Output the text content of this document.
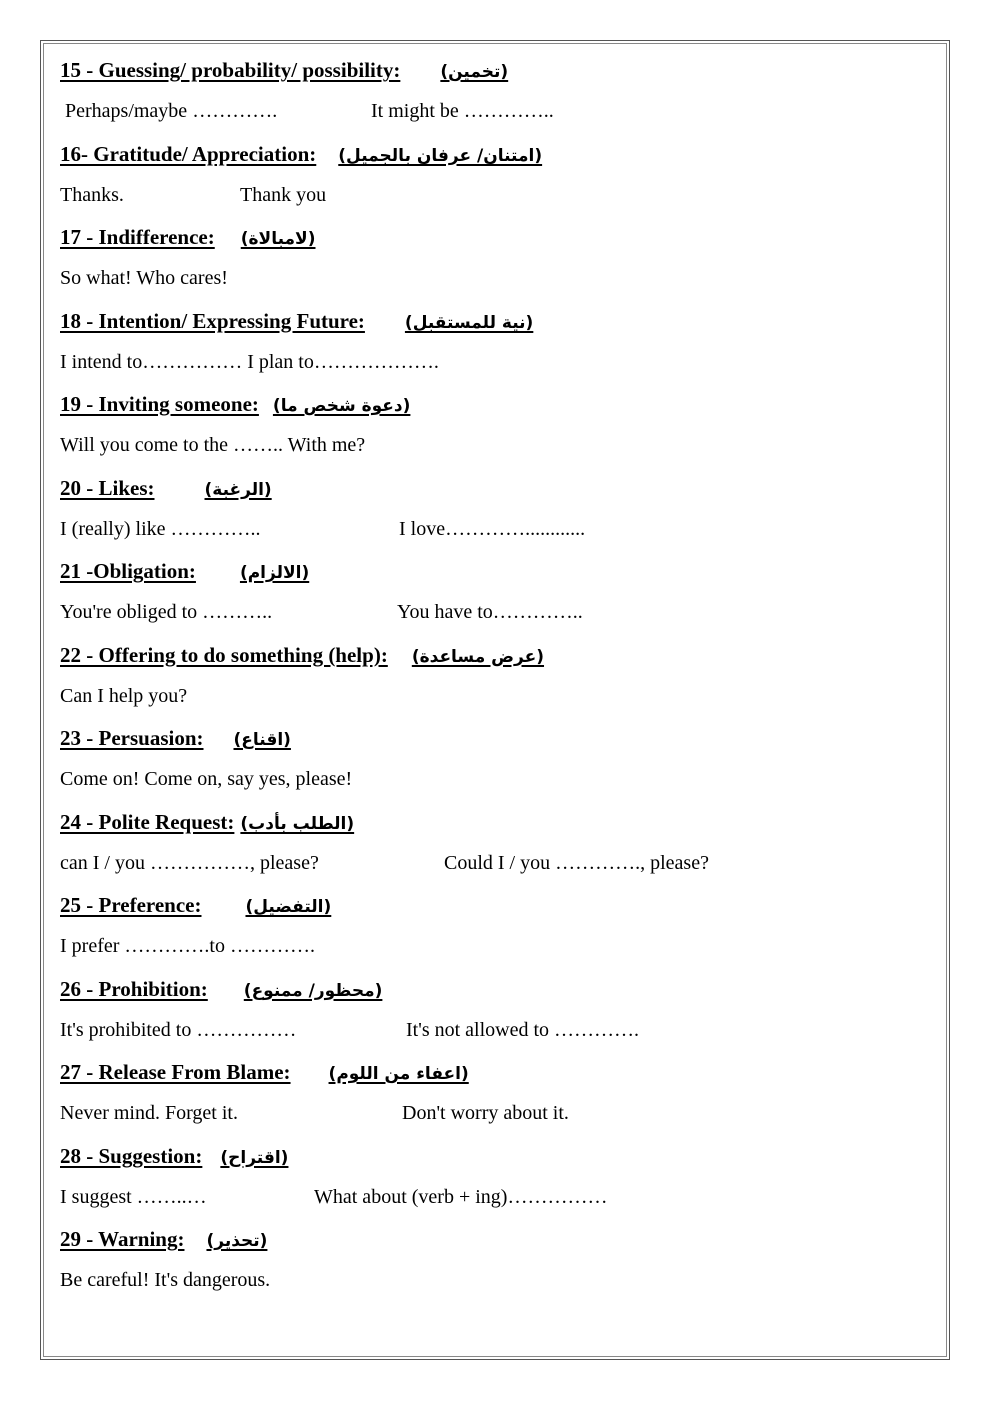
15 - Guessing/ probability/ possibility: (تخمين)
Perhaps/maybe ………….	It might be …………..
16- Gratitude/ Appreciation: (امتنان/ عرفان بالجميل)
Thanks.	Thank you
17 - Indifference: (لامبالاة)
So what! Who cares!
18 - Intention/ Expressing Future: (نية للمستقبل)
I intend to…………… I plan to……………….
19 - Inviting someone: (دعوة شخص ما)
Will you come to the …….. With me?
20 - Likes:	(الرغبة)
I (really) like …………..	I love…………............
21 -Obligation:	(الالزام)
You're obliged to ………..	You have to…………..
22 - Offering to do something (help): (عرض مساعدة)
Can I help you?
23 - Persuasion: (اقناع)
Come on! Come on, say yes, please!
24 - Polite Request: (الطلب بأدب)
can I / you ……………, please?	Could I / you …………., please?
25 - Preference:	(التفضيل)
I prefer ………….to ………….
26 - Prohibition: (محظور/ ممنوع)
It's prohibited to ……………	It's not allowed to ………….
27 - Release From Blame: (اعفاء من اللوم)
Never mind. Forget it.	Don't worry about it.
28 - Suggestion: (اقتراح)
I suggest ……..…	What about (verb + ing)……………
29 - Warning: (تحذير)
Be careful! It's dangerous.
